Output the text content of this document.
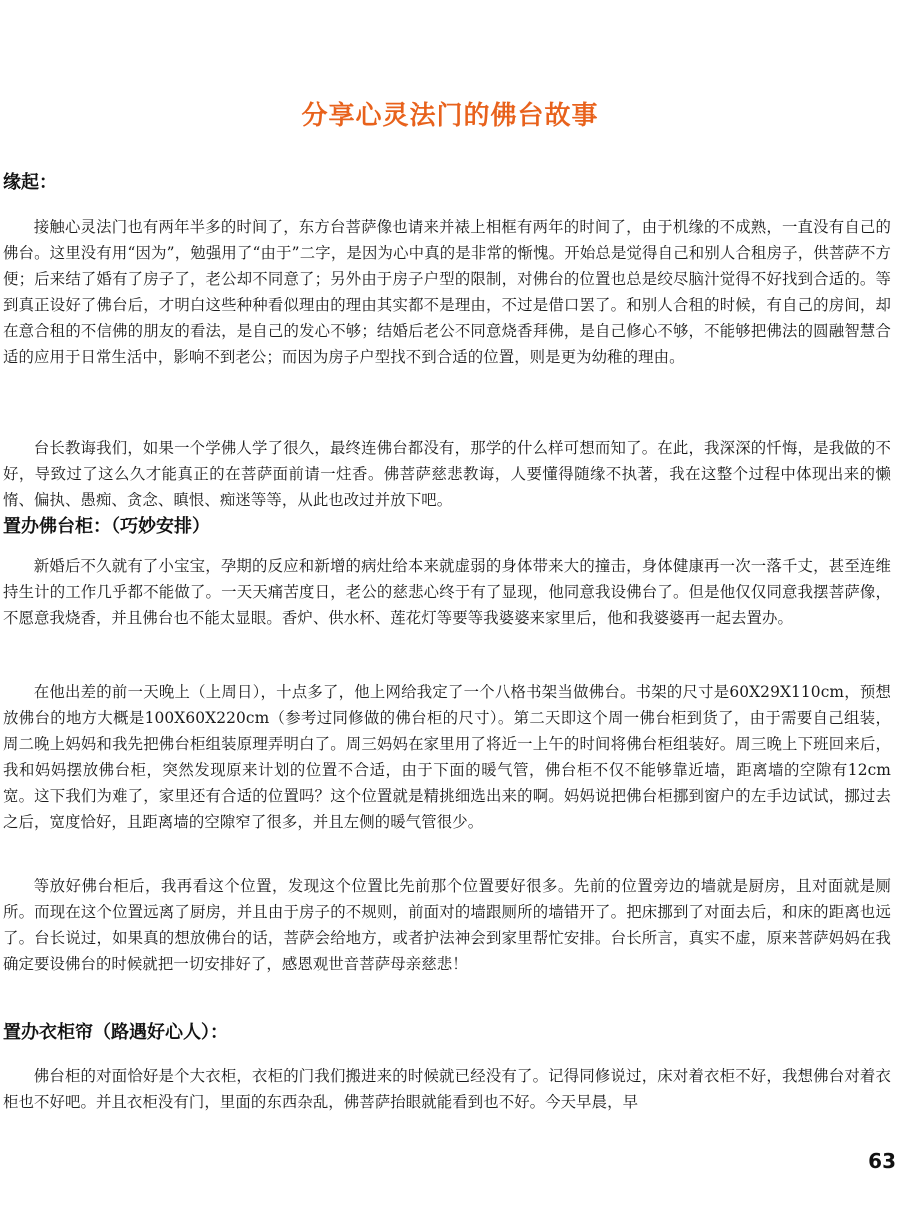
分享心灵法门的佛台故事
缘起：

接触心灵法门也有两年半多的时间了，东方台菩萨像也请来并裱上相框有两年的时间了，由于机缘的不成熟，一直没有自己的佛台。这里没有用“因为”，勉强用了“由于”二字，是因为心中真的是非常的惭愧。开始总是觉得自己和别人合租房子，供菩萨不方便；后来结了婚有了房子了，老公却不同意了；另外由于房子户型的限制，对佛台的位置也总是绞尽脑汁觉得不好找到合适的。等到真正设好了佛台后，才明白这些种种看似理由的理由其实都不是理由，不过是借口罢了。和别人合租的时候，有自己的房间，却在意合租的不信佛的朋友的看法，是自己的发心不够；结婚后老公不同意烧香拜佛，是自己修心不够，不能够把佛法的圆融智慧合适的应用于日常生活中，影响不到老公；而因为房子户型找不到合适的位置，则是更为幼稚的理由。

台长教诲我们，如果一个学佛人学了很久，最终连佛台都没有，那学的什么样可想而知了。在此，我深深的忏悔，是我做的不好，导致过了这么久才能真正的在菩萨面前请一炷香。佛菩萨慈悲教诲，人要懂得随缘不执著，我在这整个过程中体现出来的懒惰、偏执、愚痴、贪念、瞋恨、痴迷等等，从此也改过并放下吧。

置办佛台柜：（巧妙安排）

新婚后不久就有了小宝宝，孕期的反应和新增的病灶给本来就虚弱的身体带来大的撞击，身体健康再一次一落千丈，甚至连维持生计的工作几乎都不能做了。一天天痛苦度日，老公的慈悲心终于有了显现，他同意我设佛台了。但是他仅仅同意我摆菩萨像，不愿意我烧香，并且佛台也不能太显眼。香炉、供水杯、莲花灯等要等我婆婆来家里后，他和我婆婆再一起去置办。

在他出差的前一天晚上（上周日），十点多了，他上网给我定了一个八格书架当做佛台。书架的尺寸是60X29X110cm，预想放佛台的地方大概是100X60X220cm（参考过同修做的佛台柜的尺寸）。第二天即这个周一佛台柜到货了，由于需要自己组装，周二晚上妈妈和我先把佛台柜组装原理弄明白了。周三妈妈在家里用了将近一上午的时间将佛台柜组装好。周三晚上下班回来后，我和妈妈摆放佛台柜，突然发现原来计划的位置不合适，由于下面的暖气管，佛台柜不仅不能够靠近墙，距离墙的空隙有12cm宽。这下我们为难了，家里还有合适的位置吗？这个位置就是精挑细选出来的啊。妈妈说把佛台柜挪到窗户的左手边试试，挪过去之后，宽度恰好，且距离墙的空隙窄了很多，并且左侧的暖气管很少。

等放好佛台柜后，我再看这个位置，发现这个位置比先前那个位置要好很多。先前的位置旁边的墙就是厨房，且对面就是厕所。而现在这个位置远离了厨房，并且由于房子的不规则，前面对的墙跟厕所的墙错开了。把床挪到了对面去后，和床的距离也远了。台长说过，如果真的想放佛台的话，菩萨会给地方，或者护法神会到家里帮忙安排。台长所言，真实不虚，原来菩萨妈妈在我确定要设佛台的时候就把一切安排好了，感恩观世音菩萨母亲慈悲！

置办衣柜帘（路遇好心人）：

佛台柜的对面恰好是个大衣柜，衣柜的门我们搬进来的时候就已经没有了。记得同修说过，床对着衣柜不好，我想佛台对着衣柜也不好吧。并且衣柜没有门，里面的东西杂乱，佛菩萨抬眼就能看到也不好。今天早晨，早

63
